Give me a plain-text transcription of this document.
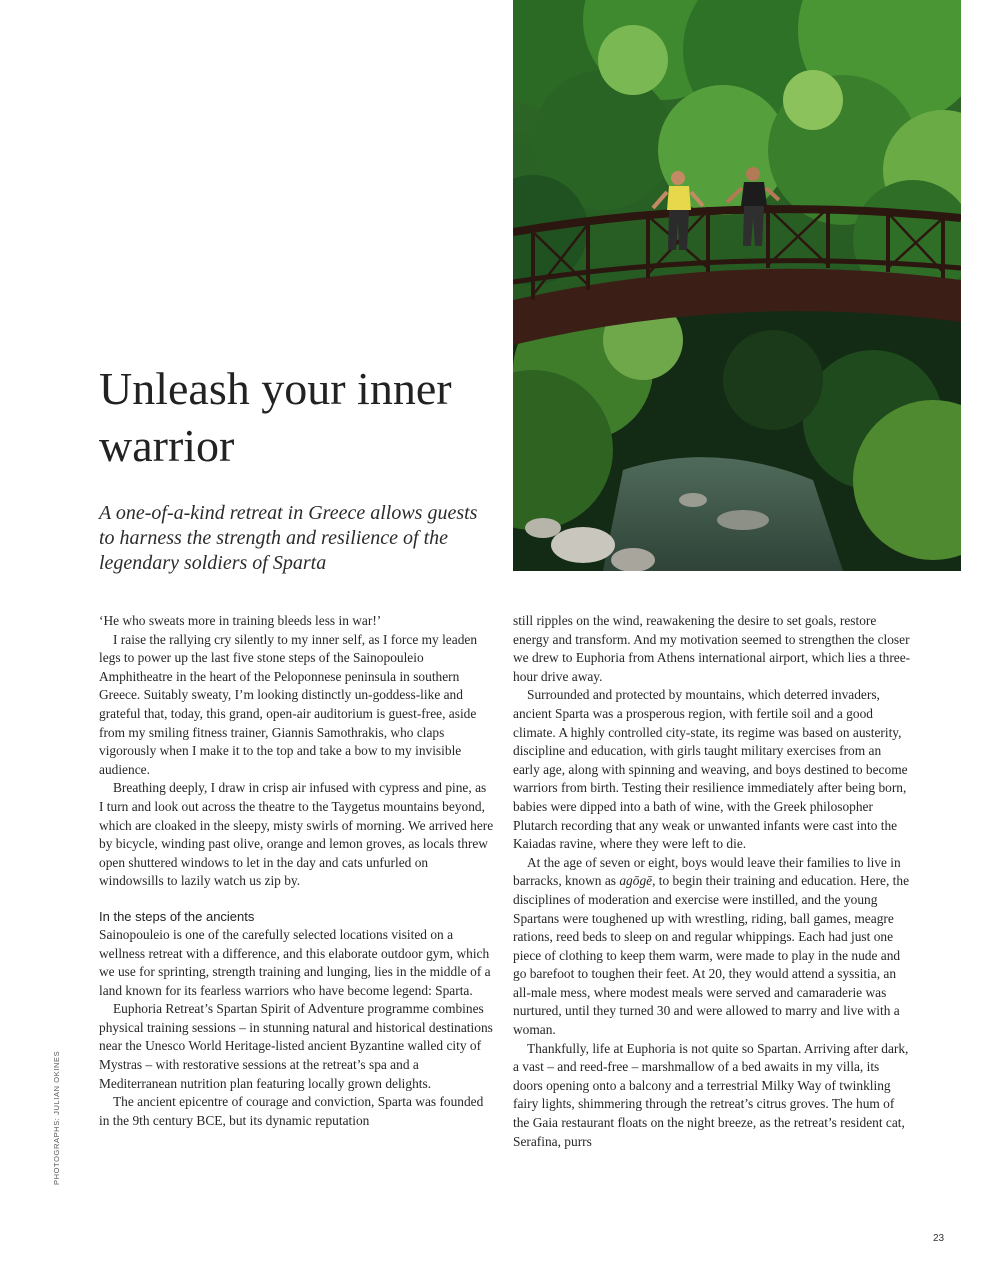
Unleash your inner warrior

A one-of-a-kind retreat in Greece allows guests to harness the strength and resilience of the legendary soldiers of Sparta

‘He who sweats more in training bleeds less in war!’

I raise the rallying cry silently to my inner self, as I force my leaden legs to power up the last five stone steps of the Sainopouleio Amphitheatre in the heart of the Peloponnese peninsula in southern Greece. Suitably sweaty, I’m looking distinctly un-goddess-like and grateful that, today, this grand, open-air auditorium is guest-free, aside from my smiling fitness trainer, Giannis Samothrakis, who claps vigorously when I make it to the top and take a bow to my invisible audience.

Breathing deeply, I draw in crisp air infused with cypress and pine, as I turn and look out across the theatre to the Taygetus mountains beyond, which are cloaked in the sleepy, misty swirls of morning. We arrived here by bicycle, winding past olive, orange and lemon groves, as locals threw open shuttered windows to let in the day and cats unfurled on windowsills to lazily watch us zip by.

In the steps of the ancients

Sainopouleio is one of the carefully selected locations visited on a wellness retreat with a difference, and this elaborate outdoor gym, which we use for sprinting, strength training and lunging, lies in the middle of a land known for its fearless warriors who have become legend: Sparta.

Euphoria Retreat’s Spartan Spirit of Adventure programme combines physical training sessions – in stunning natural and historical destinations near the Unesco World Heritage-listed ancient Byzantine walled city of Mystras – with restorative sessions at the retreat’s spa and a Mediterranean nutrition plan featuring locally grown delights.

The ancient epicentre of courage and conviction, Sparta was founded in the 9th century BCE, but its dynamic reputation

still ripples on the wind, reawakening the desire to set goals, restore energy and transform. And my motivation seemed to strengthen the closer we drew to Euphoria from Athens international airport, which lies a three-hour drive away.

Surrounded and protected by mountains, which deterred invaders, ancient Sparta was a prosperous region, with fertile soil and a good climate. A highly controlled city-state, its regime was based on austerity, discipline and education, with girls taught military exercises from an early age, along with spinning and weaving, and boys destined to become warriors from birth. Testing their resilience immediately after being born, babies were dipped into a bath of wine, with the Greek philosopher Plutarch recording that any weak or unwanted infants were cast into the Kaiadas ravine, where they were left to die.

At the age of seven or eight, boys would leave their families to live in barracks, known as agōgē, to begin their training and education. Here, the disciplines of moderation and exercise were instilled, and the young Spartans were toughened up with wrestling, riding, ball games, meagre rations, reed beds to sleep on and regular whippings. Each had just one piece of clothing to keep them warm, were made to play in the nude and go barefoot to toughen their feet. At 20, they would attend a syssitia, an all-male mess, where modest meals were served and camaraderie was nurtured, until they turned 30 and were allowed to marry and live with a woman.

Thankfully, life at Euphoria is not quite so Spartan. Arriving after dark, a vast – and reed-free – marshmallow of a bed awaits in my villa, its doors opening onto a balcony and a terrestrial Milky Way of twinkling fairy lights, shimmering through the retreat’s citrus groves. The hum of the Gaia restaurant floats on the night breeze, as the retreat’s resident cat, Serafina, purrs

PHOTOGRAPHS: JULIAN OKINES
23
